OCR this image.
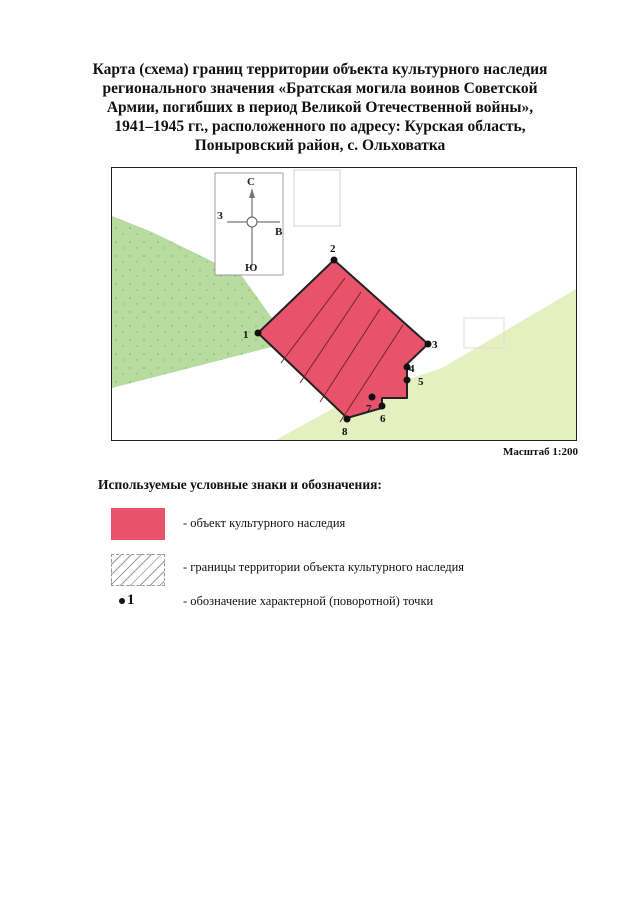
Карта (схема) границ территории объекта культурного наследия
регионального значения «Братская могила воинов Советской
Армии, погибших в период Великой Отечественной войны»,
1941–1945 гг., расположенного по адресу: Курская область,
Поныровский район, с. Ольховатка
С
Ю
З
В
1
2
3
4
5
6
7
8
Масштаб 1:200
Используемые условные знаки и обозначения:
- объект культурного наследия
- границы территории объекта культурного наследия
1	- обозначение характерной (поворотной) точки
